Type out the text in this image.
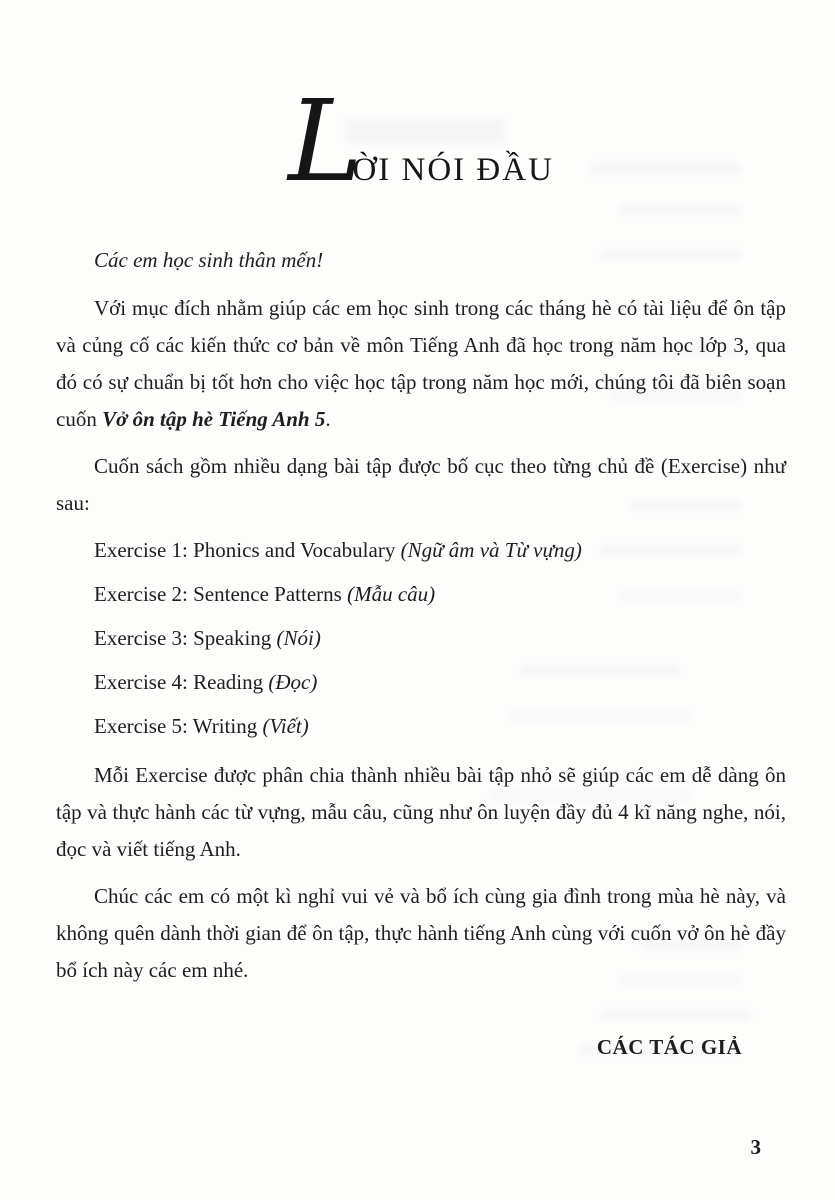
LỜI NÓI ĐẦU

Các em học sinh thân mến!

Với mục đích nhằm giúp các em học sinh trong các tháng hè có tài liệu để ôn tập và củng cố các kiến thức cơ bản về môn Tiếng Anh đã học trong năm học lớp 3, qua đó có sự chuẩn bị tốt hơn cho việc học tập trong năm học mới, chúng tôi đã biên soạn cuốn Vở ôn tập hè Tiếng Anh 5.

Cuốn sách gồm nhiều dạng bài tập được bố cục theo từng chủ đề (Exercise) như sau:

Exercise 1: Phonics and Vocabulary (Ngữ âm và Từ vựng)
Exercise 2: Sentence Patterns (Mẫu câu)
Exercise 3: Speaking (Nói)
Exercise 4: Reading (Đọc)
Exercise 5: Writing (Viết)

Mỗi Exercise được phân chia thành nhiều bài tập nhỏ sẽ giúp các em dễ dàng ôn tập và thực hành các từ vựng, mẫu câu, cũng như ôn luyện đầy đủ 4 kĩ năng nghe, nói, đọc và viết tiếng Anh.

Chúc các em có một kì nghỉ vui vẻ và bổ ích cùng gia đình trong mùa hè này, và không quên dành thời gian để ôn tập, thực hành tiếng Anh cùng với cuốn vở ôn hè đầy bổ ích này các em nhé.

CÁC TÁC GIẢ

3
